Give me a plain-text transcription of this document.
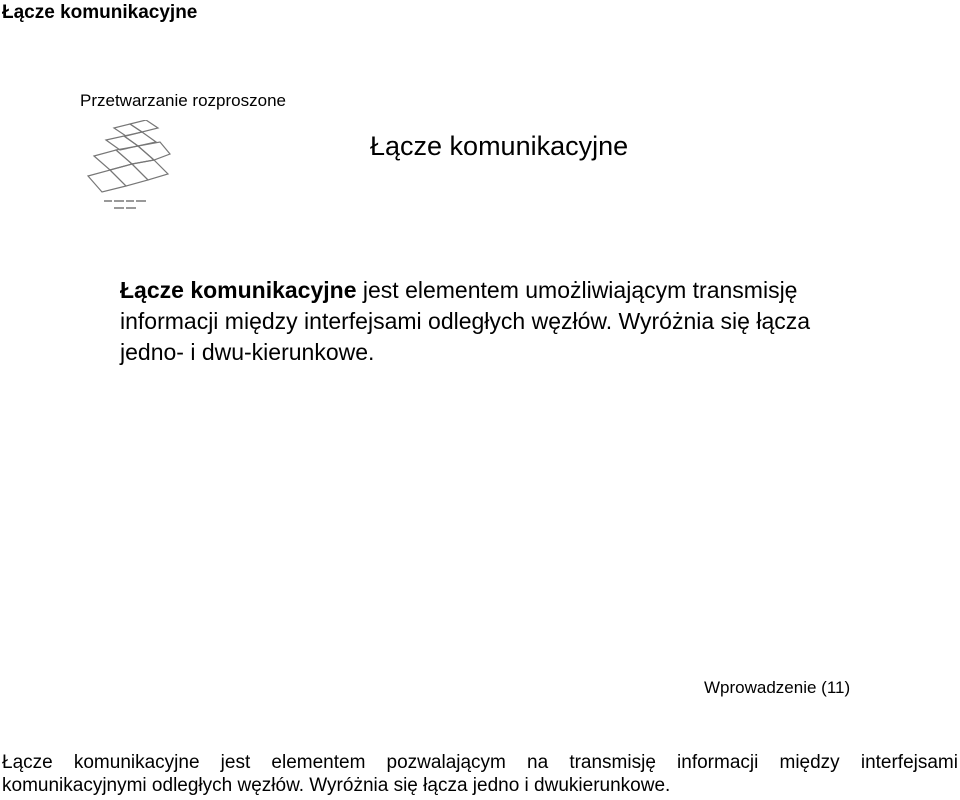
Łącze komunikacyjne
Przetwarzanie rozproszone
Łącze komunikacyjne
Łącze komunikacyjne jest elementem umożliwiającym transmisję informacji między interfejsami odległych węzłów. Wyróżnia się łącza jedno- i dwu-kierunkowe.
Wprowadzenie (11)
Łącze komunikacyjne jest elementem pozwalającym na transmisję informacji między interfejsami komunikacyjnymi odległych węzłów. Wyróżnia się łącza jedno i dwukierunkowe.
